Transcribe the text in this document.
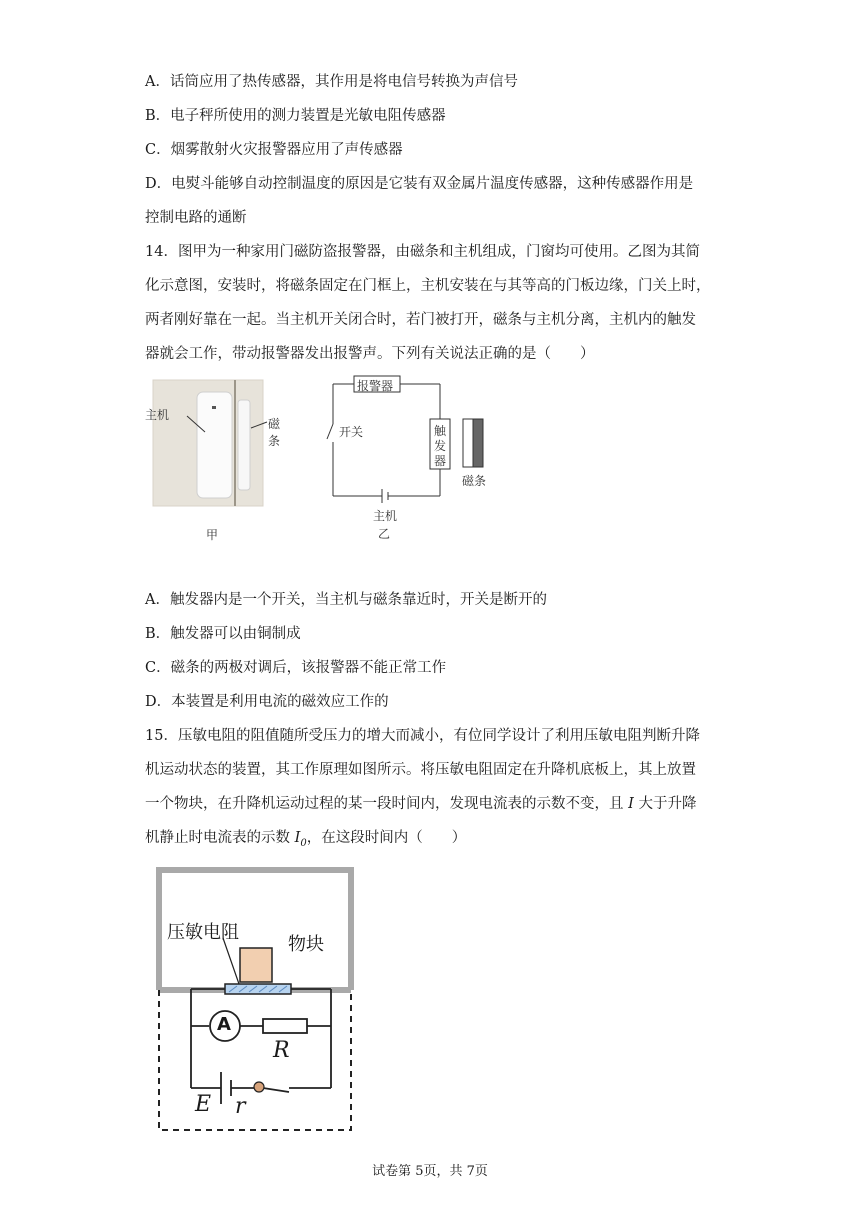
A．话筒应用了热传感器，其作用是将电信号转换为声信号
B．电子秤所使用的测力装置是光敏电阻传感器
C．烟雾散射火灾报警器应用了声传感器
D．电熨斗能够自动控制温度的原因是它装有双金属片温度传感器，这种传感器作用是
控制电路的通断
14．图甲为一种家用门磁防盗报警器，由磁条和主机组成，门窗均可使用。乙图为其简
化示意图，安装时，将磁条固定在门框上，主机安装在与其等高的门板边缘，门关上时，
两者刚好靠在一起。当主机开关闭合时，若门被打开，磁条与主机分离，主机内的触发
器就会工作，带动报警器发出报警声。下列有关说法正确的是（　　）
主机
磁条
甲
报警器
开关	触
发
器
磁条
主机
乙
A．触发器内是一个开关，当主机与磁条靠近时，开关是断开的
B．触发器可以由铜制成
C．磁条的两极对调后，该报警器不能正常工作
D．本装置是利用电流的磁效应工作的
15．压敏电阻的阻值随所受压力的增大而减小，有位同学设计了利用压敏电阻判断升降
机运动状态的装置，其工作原理如图所示。将压敏电阻固定在升降机底板上，其上放置
一个物块，在升降机运动过程的某一段时间内，发现电流表的示数不变，且 I 大于升降
机静止时电流表的示数 $I_0$，在这段时间内（　　）
压敏电阻
物块
A
R
E r
试卷第 5页，共 7页
